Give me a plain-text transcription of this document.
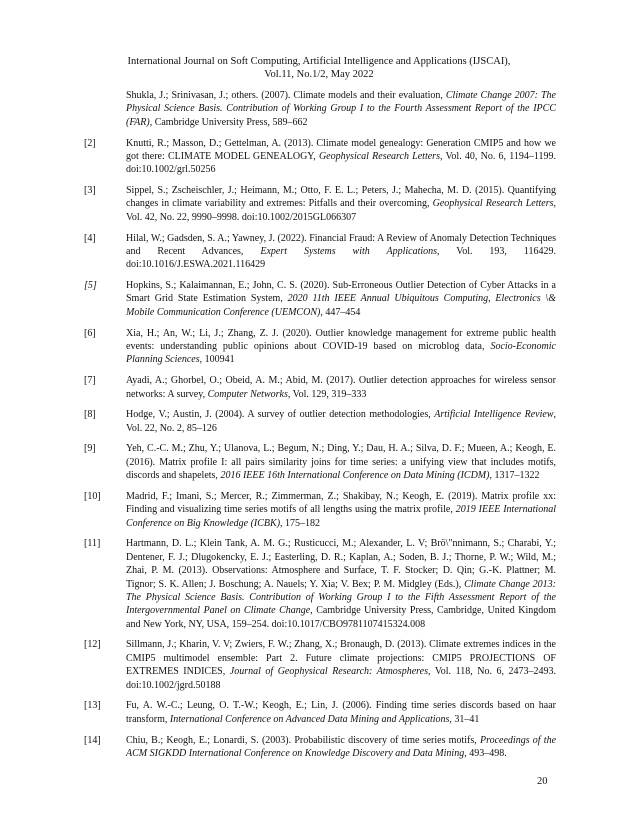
International Journal on Soft Computing, Artificial Intelligence and Applications (IJSCAI),
Vol.11, No.1/2, May 2022
Shukla, J.; Srinivasan, J.; others. (2007). Climate models and their evaluation, Climate Change 2007: The Physical Science Basis. Contribution of Working Group I to the Fourth Assessment Report of the IPCC (FAR), Cambridge University Press, 589–662
[2]	Knutti, R.; Masson, D.; Gettelman, A. (2013). Climate model genealogy: Generation CMIP5 and how we got there: CLIMATE MODEL GENEALOGY, Geophysical Research Letters, Vol. 40, No. 6, 1194–1199. doi:10.1002/grl.50256
[3]	Sippel, S.; Zscheischler, J.; Heimann, M.; Otto, F. E. L.; Peters, J.; Mahecha, M. D. (2015). Quantifying changes in climate variability and extremes: Pitfalls and their overcoming, Geophysical Research Letters, Vol. 42, No. 22, 9990–9998. doi:10.1002/2015GL066307
[4]	Hilal, W.; Gadsden, S. A.; Yawney, J. (2022). Financial Fraud: A Review of Anomaly Detection Techniques and Recent Advances, Expert Systems with Applications, Vol. 193, 116429. doi:10.1016/J.ESWA.2021.116429
[5]	Hopkins, S.; Kalaimannan, E.; John, C. S. (2020). Sub-Erroneous Outlier Detection of Cyber Attacks in a Smart Grid State Estimation System, 2020 11th IEEE Annual Ubiquitous Computing, Electronics \& Mobile Communication Conference (UEMCON), 447–454
[6]	Xia, H.; An, W.; Li, J.; Zhang, Z. J. (2020). Outlier knowledge management for extreme public health events: understanding public opinions about COVID-19 based on microblog data, Socio-Economic Planning Sciences, 100941
[7]	Ayadi, A.; Ghorbel, O.; Obeid, A. M.; Abid, M. (2017). Outlier detection approaches for wireless sensor networks: A survey, Computer Networks, Vol. 129, 319–333
[8]	Hodge, V.; Austin, J. (2004). A survey of outlier detection methodologies, Artificial Intelligence Review, Vol. 22, No. 2, 85–126
[9]	Yeh, C.-C. M.; Zhu, Y.; Ulanova, L.; Begum, N.; Ding, Y.; Dau, H. A.; Silva, D. F.; Mueen, A.; Keogh, E. (2016). Matrix profile I: all pairs similarity joins for time series: a unifying view that includes motifs, discords and shapelets, 2016 IEEE 16th International Conference on Data Mining (ICDM), 1317–1322
[10]	Madrid, F.; Imani, S.; Mercer, R.; Zimmerman, Z.; Shakibay, N.; Keogh, E. (2019). Matrix profile xx: Finding and visualizing time series motifs of all lengths using the matrix profile, 2019 IEEE International Conference on Big Knowledge (ICBK), 175–182
[11]	Hartmann, D. L.; Klein Tank, A. M. G.; Rusticucci, M.; Alexander, L. V; Brö\"nnimann, S.; Charabi, Y.; Dentener, F. J.; Dlugokencky, E. J.; Easterling, D. R.; Kaplan, A.; Soden, B. J.; Thorne, P. W.; Wild, M.; Zhai, P. M. (2013). Observations: Atmosphere and Surface, T. F. Stocker; D. Qin; G.-K. Plattner; M. Tignor; S. K. Allen; J. Boschung; A. Nauels; Y. Xia; V. Bex; P. M. Midgley (Eds.), Climate Change 2013: The Physical Science Basis. Contribution of Working Group I to the Fifth Assessment Report of the Intergovernmental Panel on Climate Change, Cambridge University Press, Cambridge, United Kingdom and New York, NY, USA, 159–254. doi:10.1017/CBO9781107415324.008
[12]	Sillmann, J.; Kharin, V. V; Zwiers, F. W.; Zhang, X.; Bronaugh, D. (2013). Climate extremes indices in the CMIP5 multimodel ensemble: Part 2. Future climate projections: CMIP5 PROJECTIONS OF EXTREMES INDICES, Journal of Geophysical Research: Atmospheres, Vol. 118, No. 6, 2473–2493. doi:10.1002/jgrd.50188
[13]	Fu, A. W.-C.; Leung, O. T.-W.; Keogh, E.; Lin, J. (2006). Finding time series discords based on haar transform, International Conference on Advanced Data Mining and Applications, 31–41
[14]	Chiu, B.; Keogh, E.; Lonardi, S. (2003). Probabilistic discovery of time series motifs, Proceedings of the ACM SIGKDD International Conference on Knowledge Discovery and Data Mining, 493–498.
20
